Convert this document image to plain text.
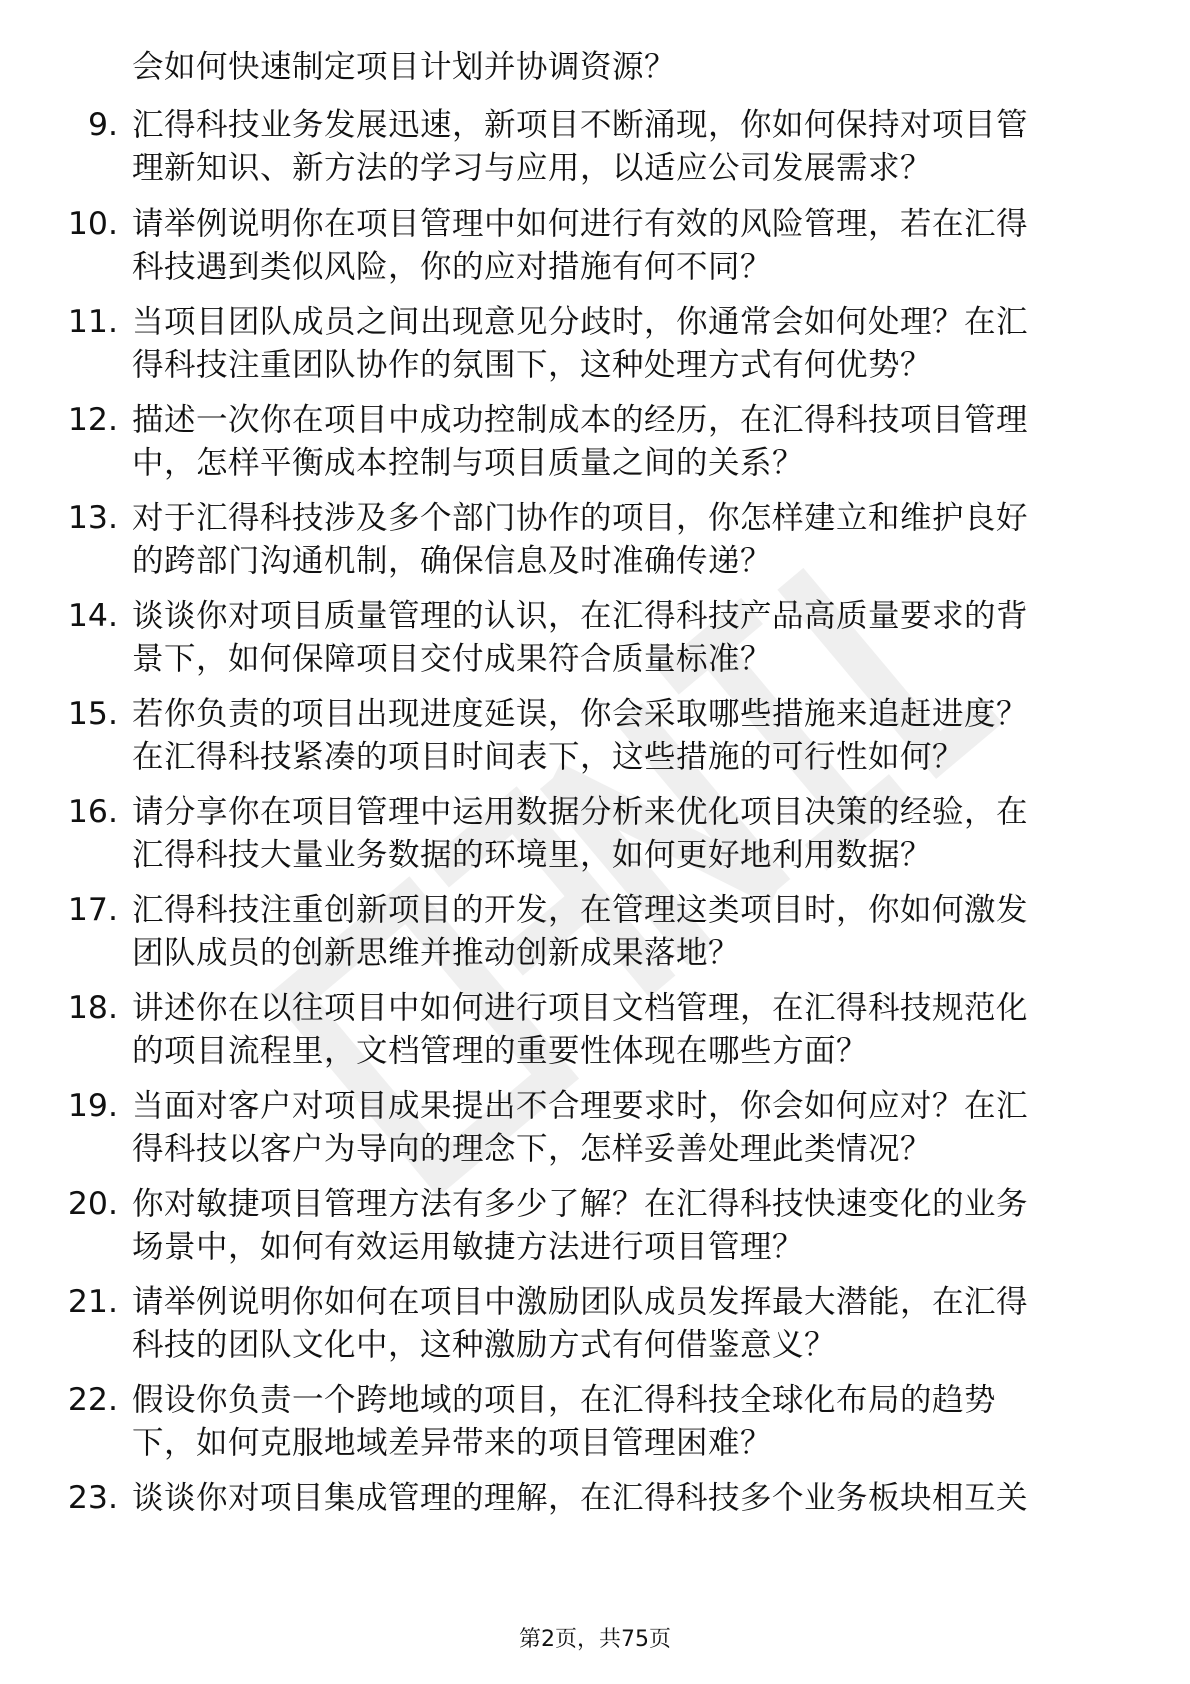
会如何快速制定项目计划并协调资源？
9. 汇得科技业务发展迅速，新项目不断涌现，你如何保持对项目管
理新知识、新方法的学习与应用，以适应公司发展需求？
10. 请举例说明你在项目管理中如何进行有效的风险管理，若在汇得
科技遇到类似风险，你的应对措施有何不同？
11. 当项目团队成员之间出现意见分歧时，你通常会如何处理？在汇
得科技注重团队协作的氛围下，这种处理方式有何优势？
12. 描述一次你在项目中成功控制成本的经历，在汇得科技项目管理
中，怎样平衡成本控制与项目质量之间的关系？
13. 对于汇得科技涉及多个部门协作的项目，你怎样建立和维护良好
的跨部门沟通机制，确保信息及时准确传递？
14. 谈谈你对项目质量管理的认识，在汇得科技产品高质量要求的背
景下，如何保障项目交付成果符合质量标准？
15. 若你负责的项目出现进度延误，你会采取哪些措施来追赶进度？
在汇得科技紧凑的项目时间表下，这些措施的可行性如何？
16. 请分享你在项目管理中运用数据分析来优化项目决策的经验，在
汇得科技大量业务数据的环境里，如何更好地利用数据？
17. 汇得科技注重创新项目的开发，在管理这类项目时，你如何激发
团队成员的创新思维并推动创新成果落地？
18. 讲述你在以往项目中如何进行项目文档管理，在汇得科技规范化
的项目流程里，文档管理的重要性体现在哪些方面？
19. 当面对客户对项目成果提出不合理要求时，你会如何应对？在汇
得科技以客户为导向的理念下，怎样妥善处理此类情况？
20. 你对敏捷项目管理方法有多少了解？在汇得科技快速变化的业务
场景中，如何有效运用敏捷方法进行项目管理？
21. 请举例说明你如何在项目中激励团队成员发挥最大潜能，在汇得
科技的团队文化中，这种激励方式有何借鉴意义？
22. 假设你负责一个跨地域的项目，在汇得科技全球化布局的趋势
下，如何克服地域差异带来的项目管理困难？
23. 谈谈你对项目集成管理的理解，在汇得科技多个业务板块相互关
第2页，共75页
